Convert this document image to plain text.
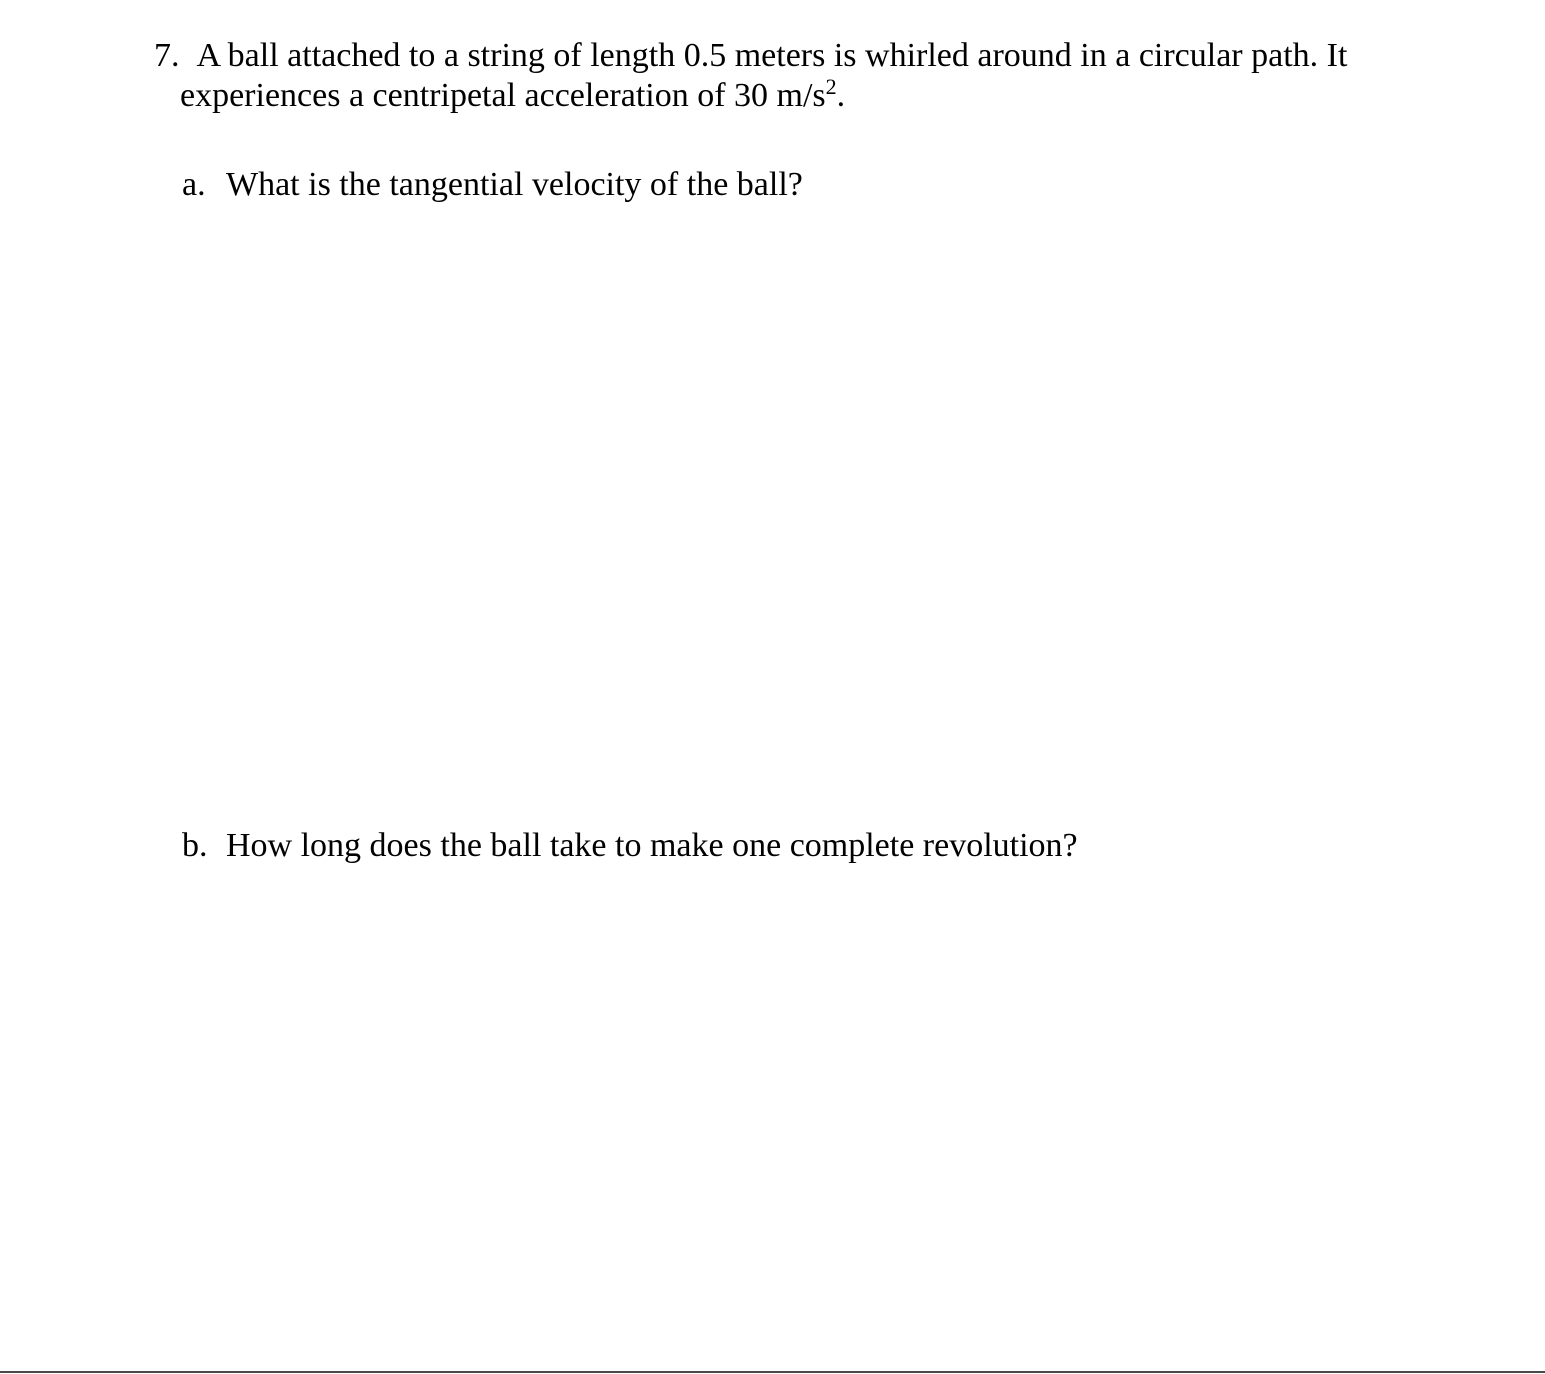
7. A ball attached to a string of length 0.5 meters is whirled around in a circular path. It
experiences a centripetal acceleration of 30 $m/s^2$.
a. What is the tangential velocity of the ball?
b. How long does the ball take to make one complete revolution?
